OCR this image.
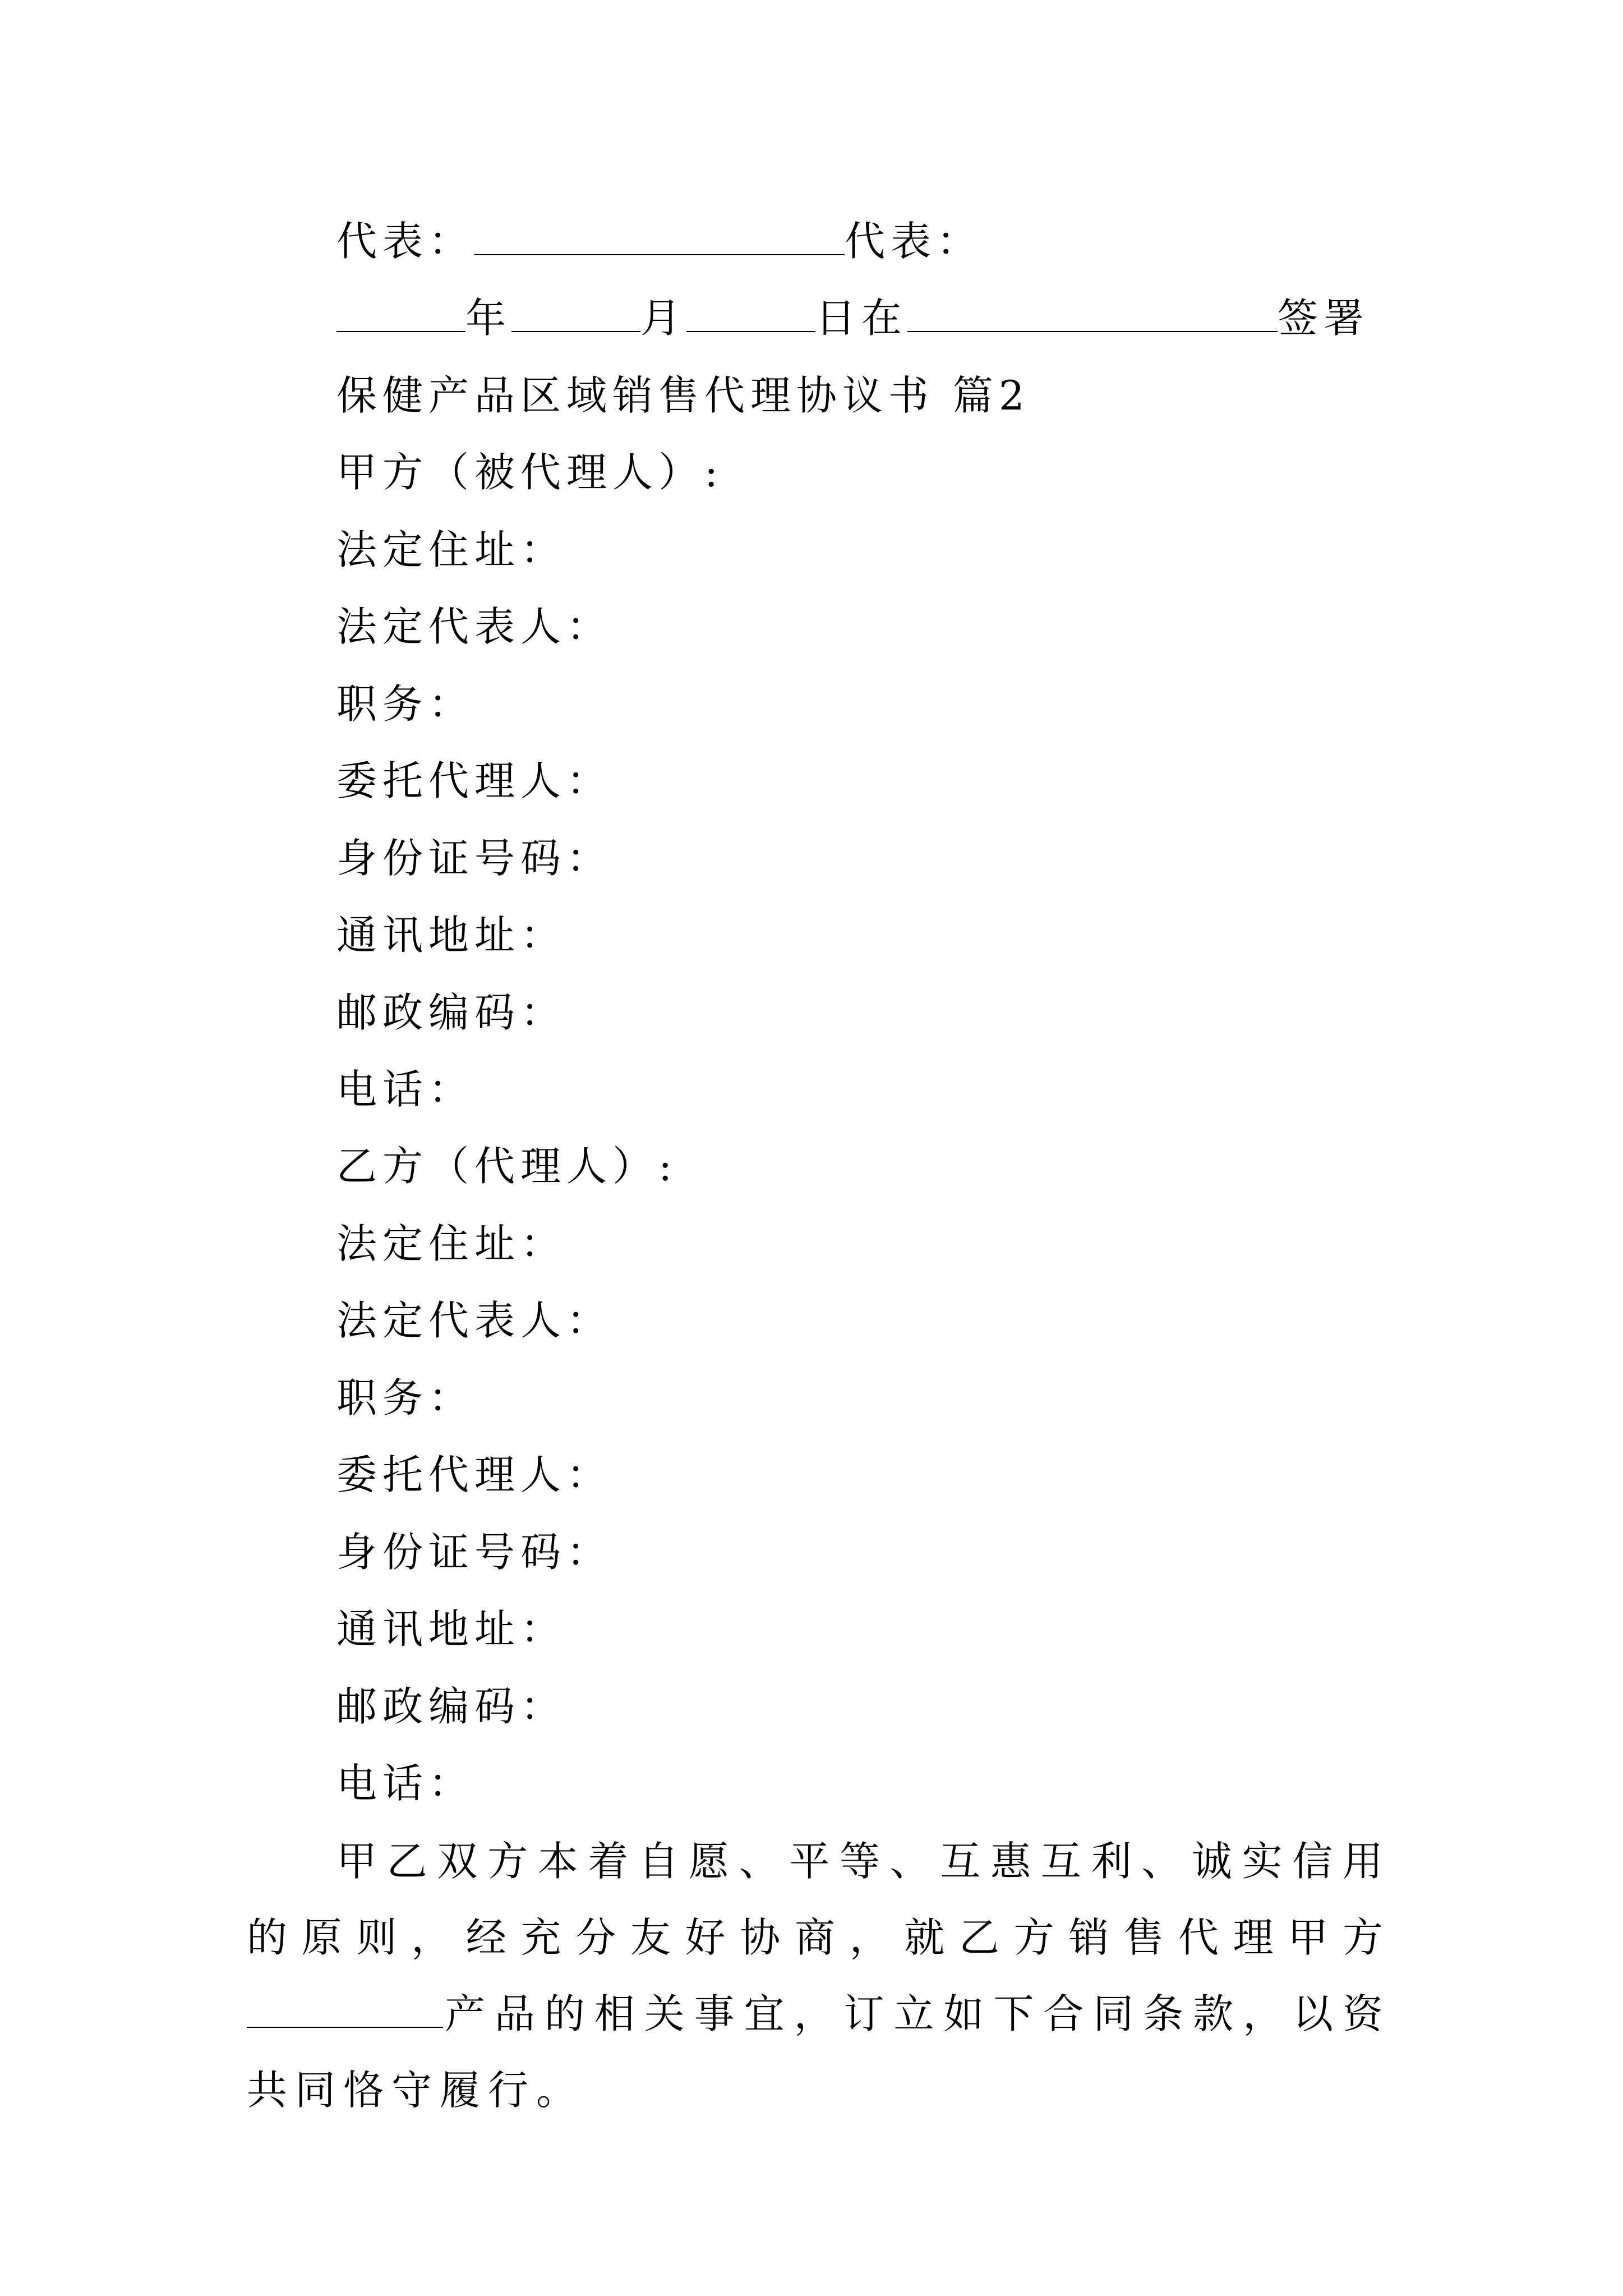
代表：	代表：
年	月	日在	签署
保健产品区域销售代理协议书 篇2
甲方（被代理人）:
法定住址：
法定代表人：
职务：
委托代理人：
身份证号码：
通讯地址：
邮政编码：
电话：
乙方（代理人）:
法定住址：
法定代表人：
职务：
委托代理人：
身份证号码：
通讯地址：
邮政编码：
电话：
甲乙双方本着自愿、平等、互惠互利、诚实信用的原则，经充分友好协商，就乙方销售代理甲方产品的相关事宜，订立如下合同条款，以资共同恪守履行。
